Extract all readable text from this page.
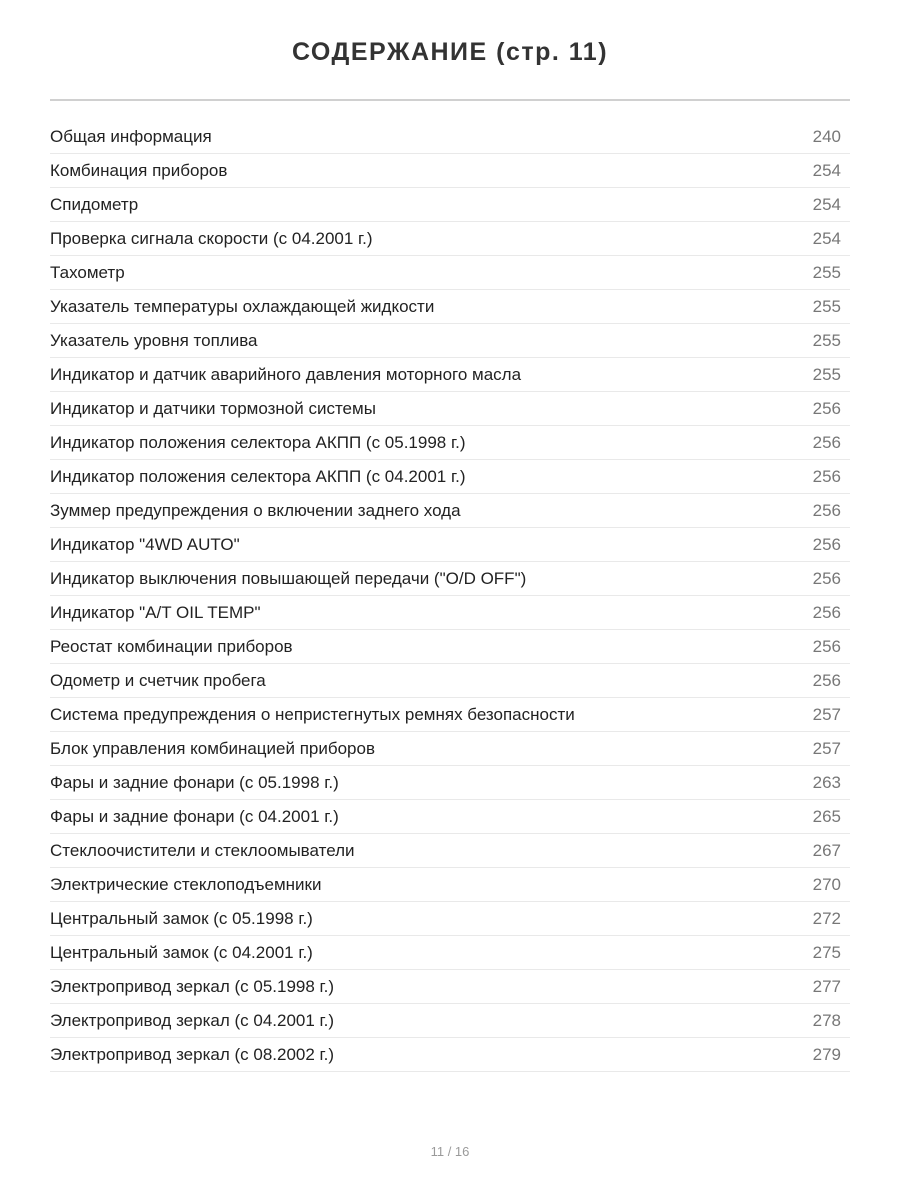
СОДЕРЖАНИЕ (стр. 11)
Общая информация	240
Комбинация приборов	254
Спидометр	254
Проверка сигнала скорости (с 04.2001 г.)	254
Тахометр	255
Указатель температуры охлаждающей жидкости	255
Указатель уровня топлива	255
Индикатор и датчик аварийного давления моторного масла	255
Индикатор и датчики тормозной системы	256
Индикатор положения селектора АКПП (с 05.1998 г.)	256
Индикатор положения селектора АКПП (с 04.2001 г.)	256
Зуммер предупреждения о включении заднего хода	256
Индикатор "4WD AUTO"	256
Индикатор выключения повышающей передачи ("O/D OFF")	256
Индикатор "A/T OIL TEMP"	256
Реостат комбинации приборов	256
Одометр и счетчик пробега	256
Система предупреждения о непристегнутых ремнях безопасности	257
Блок управления комбинацией приборов	257
Фары и задние фонари (с 05.1998 г.)	263
Фары и задние фонари (с 04.2001 г.)	265
Стеклоочистители и стеклоомыватели	267
Электрические стеклоподъемники	270
Центральный замок (с 05.1998 г.)	272
Центральный замок (с 04.2001 г.)	275
Электропривод зеркал (с 05.1998 г.)	277
Электропривод зеркал (с 04.2001 г.)	278
Электропривод зеркал (с 08.2002 г.)	279
11 / 16
